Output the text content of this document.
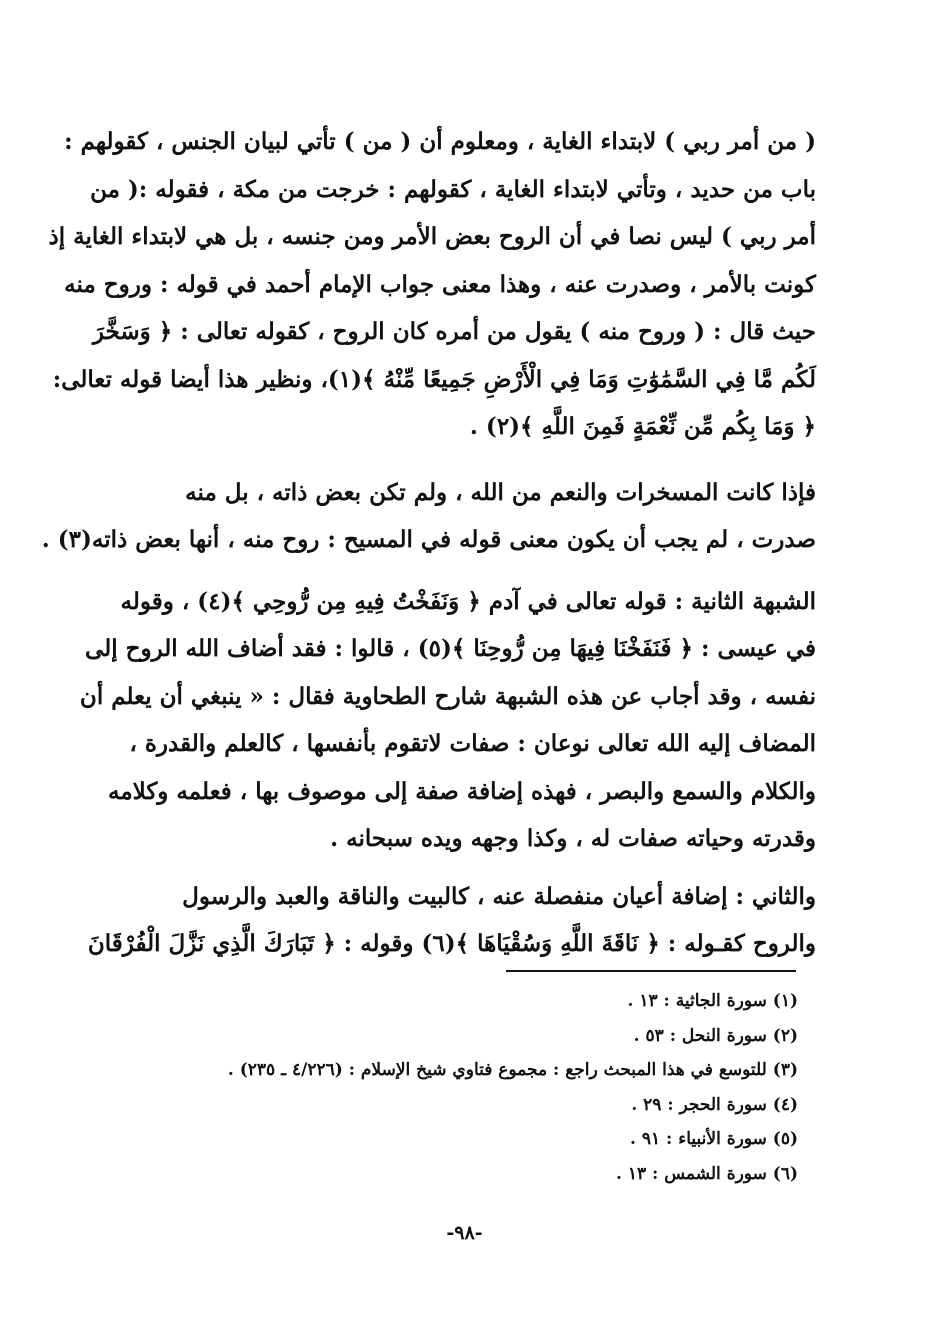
( من أمر ربي ) لابتداء الغاية ، ومعلوم أن ( من ) تأتي لبيان الجنس ، كقولهم :
باب من حديد ، وتأتي لابتداء الغاية ، كقولهم : خرجت من مكة ، فقوله :( من
أمر ربي ) ليس نصا في أن الروح بعض الأمر ومن جنسه ، بل هي لابتداء الغاية إذ
كونت بالأمر ، وصدرت عنه ، وهذا معنى جواب الإمام أحمد في قوله : وروح منه
حيث قال : ( وروح منه ) يقول من أمره كان الروح ، كقوله تعالى : ﴿ وَسَخَّرَ
لَكُم مَّا فِي السَّمَٰوَٰتِ وَمَا فِي الْأَرْضِ جَمِيعًا مِّنْهُ ﴾(١)، ونظير هذا أيضا قوله تعالى:
﴿ وَمَا بِكُم مِّن نِّعْمَةٍ فَمِنَ اللَّهِ ﴾(٢) .

فإذا كانت المسخرات والنعم من الله ، ولم تكن بعض ذاته ، بل منه
صدرت ، لم يجب أن يكون معنى قوله في المسيح : روح منه ، أنها بعض ذاته(٣) .

الشبهة الثانية : قوله تعالى في آدم ﴿ وَنَفَخْتُ فِيهِ مِن رُّوحِي ﴾(٤) ، وقوله
في عيسى : ﴿ فَنَفَخْنَا فِيهَا مِن رُّوحِنَا ﴾(٥) ، قالوا : فقد أضاف الله الروح إلى
نفسه ، وقد أجاب عن هذه الشبهة شارح الطحاوية فقال : « ينبغي أن يعلم أن
المضاف إليه الله تعالى نوعان : صفات لاتقوم بأنفسها ، كالعلم والقدرة ،
والكلام والسمع والبصر ، فهذه إضافة صفة إلى موصوف بها ، فعلمه وكلامه
وقدرته وحياته صفات له ، وكذا وجهه ويده سبحانه .

والثاني : إضافة أعيان منفصلة عنه ، كالبيت والناقة والعبد والرسول
والروح كقـوله : ﴿ نَاقَةَ اللَّهِ وَسُقْيَاهَا ﴾(٦) وقوله : ﴿ تَبَارَكَ الَّذِي نَزَّلَ الْفُرْقَانَ

(١) سورة الجاثية : ١٣ .
(٢) سورة النحل : ٥٣ .
(٣) للتوسع في هذا المبحث راجع : مجموع فتاوي شيخ الإسلام : (٤/٢٢٦ ـ ٢٣٥) .
(٤) سورة الحجر : ٢٩ .
(٥) سورة الأنبياء : ٩١ .
(٦) سورة الشمس : ١٣ .
-٩٨-
